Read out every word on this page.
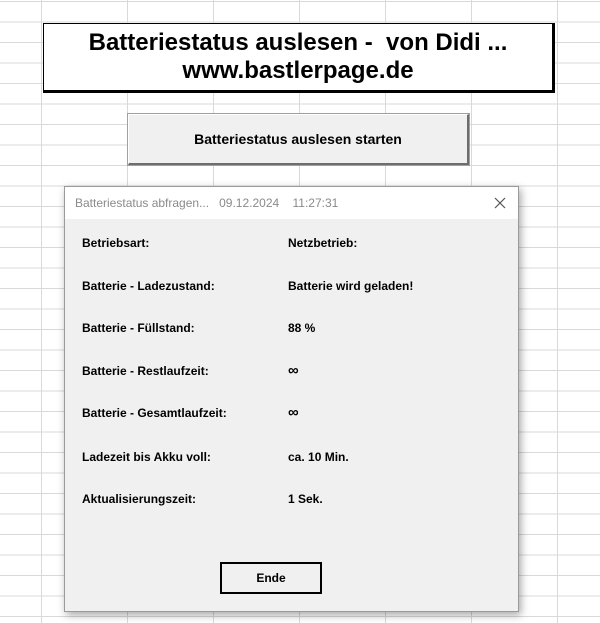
Batteriestatus auslesen -  von Didi ...
www.bastlerpage.de
Batteriestatus auslesen starten
Batteriestatus abfragen... 09.12.2024 11:27:31
Betriebsart:	Netzbetrieb:
Batterie - Ladezustand:	Batterie wird geladen!
Batterie - Füllstand:	88 %
Batterie - Restlaufzeit:	∞
Batterie - Gesamtlaufzeit:	∞
Ladezeit bis Akku voll:	ca. 10 Min.
Aktualisierungszeit:	1 Sek.
Ende
